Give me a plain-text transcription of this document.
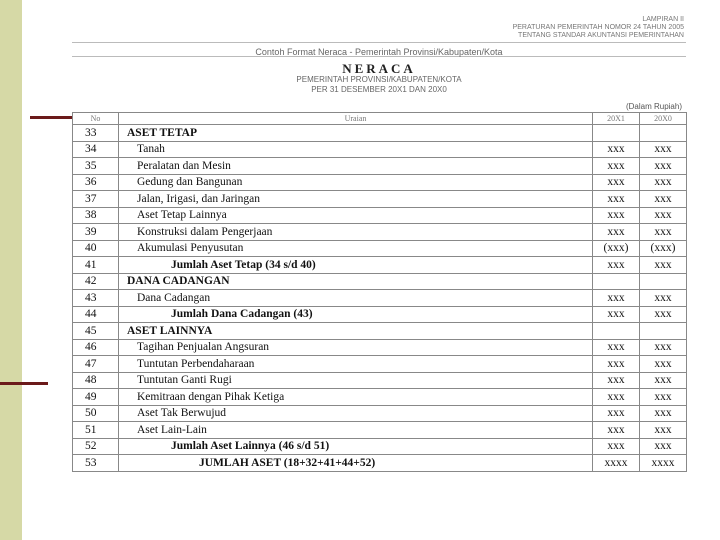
LAMPIRAN II
PERATURAN PEMERINTAH NOMOR 24 TAHUN 2005
TENTANG STANDAR AKUNTANSI PEMERINTAHAN
Contoh Format Neraca - Pemerintah Provinsi/Kabupaten/Kota
NERACA
PEMERINTAH PROVINSI/KABUPATEN/KOTA
PER 31 DESEMBER 20X1 DAN 20X0
(Dalam Rupiah)
No	Uraian	20X1	20X0
33	ASET TETAP		
34	Tanah	xxx	xxx
35	Peralatan dan Mesin	xxx	xxx
36	Gedung dan Bangunan	xxx	xxx
37	Jalan, Irigasi, dan Jaringan	xxx	xxx
38	Aset Tetap Lainnya	xxx	xxx
39	Konstruksi dalam Pengerjaan	xxx	xxx
40	Akumulasi Penyusutan	(xxx)	(xxx)
41	Jumlah Aset Tetap (34 s/d 40)	xxx	xxx
42	DANA CADANGAN		
43	Dana Cadangan	xxx	xxx
44	Jumlah Dana Cadangan (43)	xxx	xxx
45	ASET LAINNYA		
46	Tagihan Penjualan Angsuran	xxx	xxx
47	Tuntutan Perbendaharaan	xxx	xxx
48	Tuntutan Ganti Rugi	xxx	xxx
49	Kemitraan dengan Pihak Ketiga	xxx	xxx
50	Aset Tak Berwujud	xxx	xxx
51	Aset Lain-Lain	xxx	xxx
52	Jumlah Aset Lainnya (46 s/d 51)	xxx	xxx
53	JUMLAH ASET (18+32+41+44+52)	xxxx	xxxx
